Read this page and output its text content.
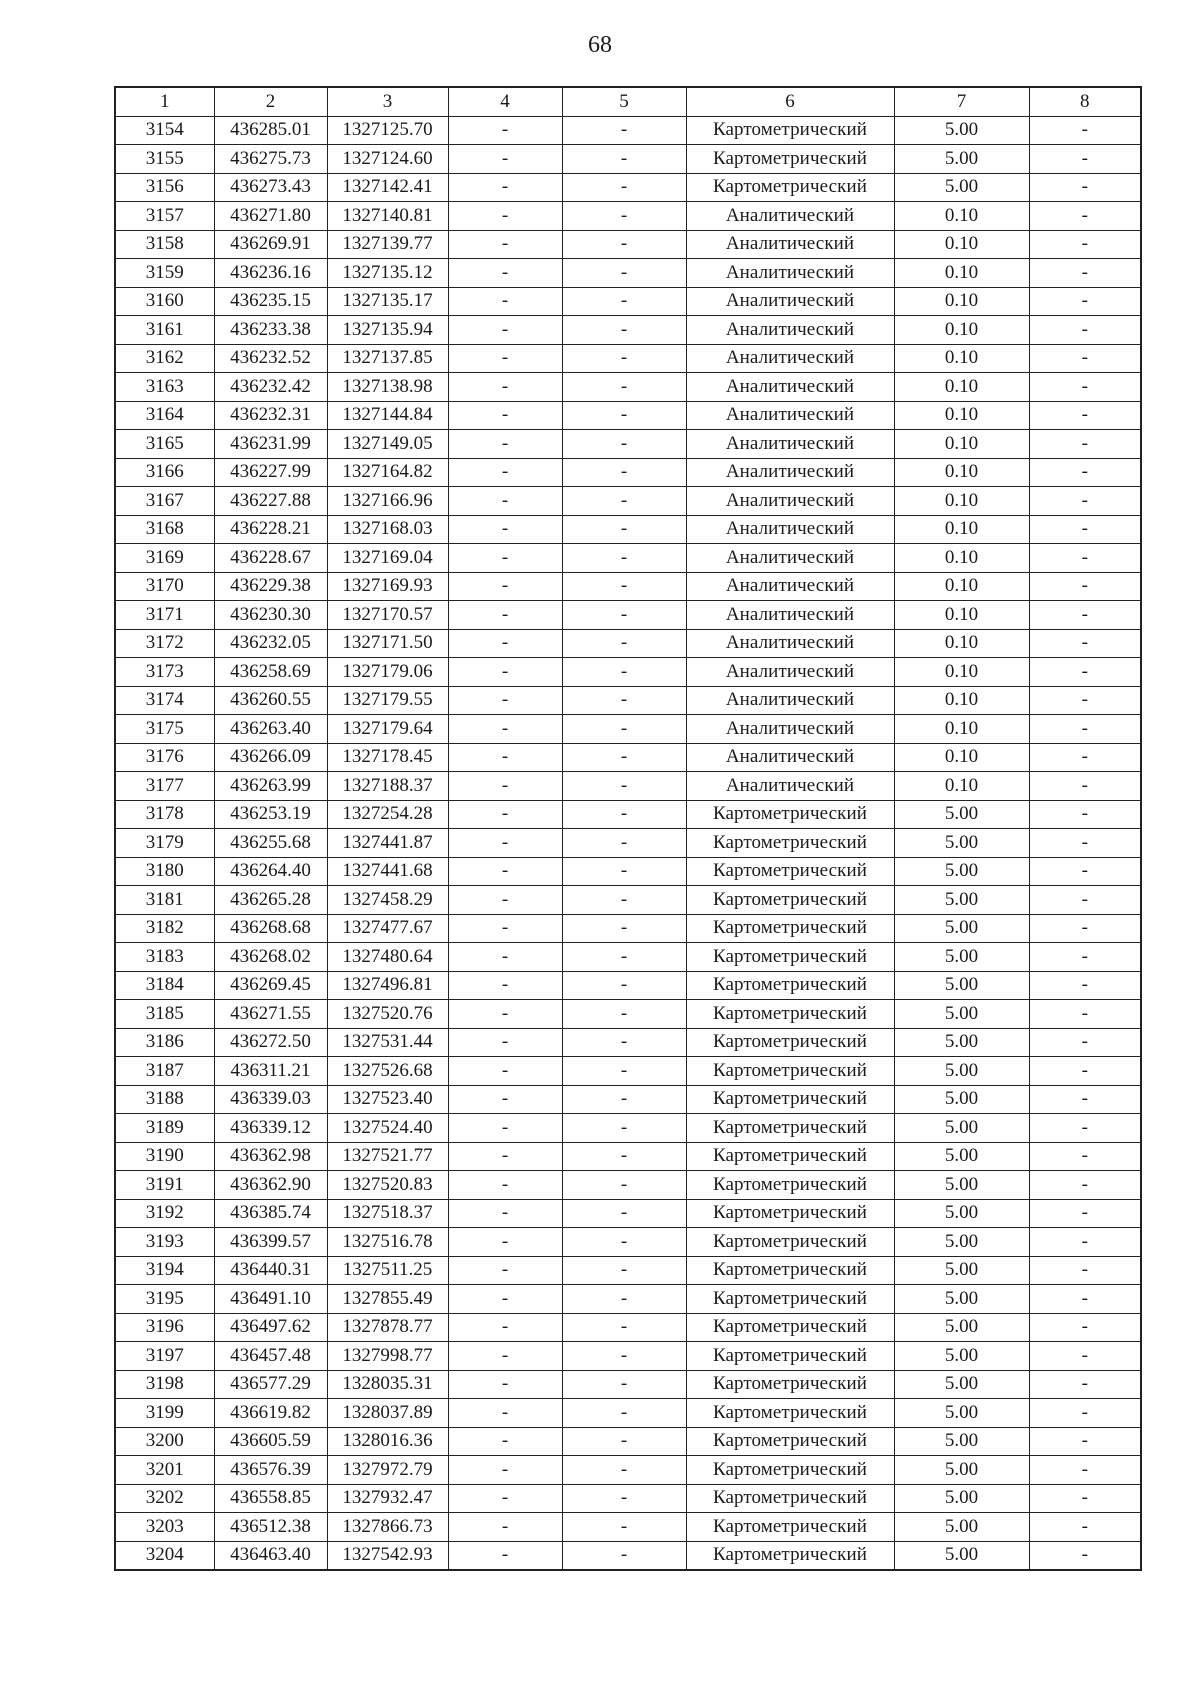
68
1	2	3	4	5	6	7	8
3154	436285.01	1327125.70	-	-	Картометрический	5.00	-
3155	436275.73	1327124.60	-	-	Картометрический	5.00	-
3156	436273.43	1327142.41	-	-	Картометрический	5.00	-
3157	436271.80	1327140.81	-	-	Аналитический	0.10	-
3158	436269.91	1327139.77	-	-	Аналитический	0.10	-
3159	436236.16	1327135.12	-	-	Аналитический	0.10	-
3160	436235.15	1327135.17	-	-	Аналитический	0.10	-
3161	436233.38	1327135.94	-	-	Аналитический	0.10	-
3162	436232.52	1327137.85	-	-	Аналитический	0.10	-
3163	436232.42	1327138.98	-	-	Аналитический	0.10	-
3164	436232.31	1327144.84	-	-	Аналитический	0.10	-
3165	436231.99	1327149.05	-	-	Аналитический	0.10	-
3166	436227.99	1327164.82	-	-	Аналитический	0.10	-
3167	436227.88	1327166.96	-	-	Аналитический	0.10	-
3168	436228.21	1327168.03	-	-	Аналитический	0.10	-
3169	436228.67	1327169.04	-	-	Аналитический	0.10	-
3170	436229.38	1327169.93	-	-	Аналитический	0.10	-
3171	436230.30	1327170.57	-	-	Аналитический	0.10	-
3172	436232.05	1327171.50	-	-	Аналитический	0.10	-
3173	436258.69	1327179.06	-	-	Аналитический	0.10	-
3174	436260.55	1327179.55	-	-	Аналитический	0.10	-
3175	436263.40	1327179.64	-	-	Аналитический	0.10	-
3176	436266.09	1327178.45	-	-	Аналитический	0.10	-
3177	436263.99	1327188.37	-	-	Аналитический	0.10	-
3178	436253.19	1327254.28	-	-	Картометрический	5.00	-
3179	436255.68	1327441.87	-	-	Картометрический	5.00	-
3180	436264.40	1327441.68	-	-	Картометрический	5.00	-
3181	436265.28	1327458.29	-	-	Картометрический	5.00	-
3182	436268.68	1327477.67	-	-	Картометрический	5.00	-
3183	436268.02	1327480.64	-	-	Картометрический	5.00	-
3184	436269.45	1327496.81	-	-	Картометрический	5.00	-
3185	436271.55	1327520.76	-	-	Картометрический	5.00	-
3186	436272.50	1327531.44	-	-	Картометрический	5.00	-
3187	436311.21	1327526.68	-	-	Картометрический	5.00	-
3188	436339.03	1327523.40	-	-	Картометрический	5.00	-
3189	436339.12	1327524.40	-	-	Картометрический	5.00	-
3190	436362.98	1327521.77	-	-	Картометрический	5.00	-
3191	436362.90	1327520.83	-	-	Картометрический	5.00	-
3192	436385.74	1327518.37	-	-	Картометрический	5.00	-
3193	436399.57	1327516.78	-	-	Картометрический	5.00	-
3194	436440.31	1327511.25	-	-	Картометрический	5.00	-
3195	436491.10	1327855.49	-	-	Картометрический	5.00	-
3196	436497.62	1327878.77	-	-	Картометрический	5.00	-
3197	436457.48	1327998.77	-	-	Картометрический	5.00	-
3198	436577.29	1328035.31	-	-	Картометрический	5.00	-
3199	436619.82	1328037.89	-	-	Картометрический	5.00	-
3200	436605.59	1328016.36	-	-	Картометрический	5.00	-
3201	436576.39	1327972.79	-	-	Картометрический	5.00	-
3202	436558.85	1327932.47	-	-	Картометрический	5.00	-
3203	436512.38	1327866.73	-	-	Картометрический	5.00	-
3204	436463.40	1327542.93	-	-	Картометрический	5.00	-
